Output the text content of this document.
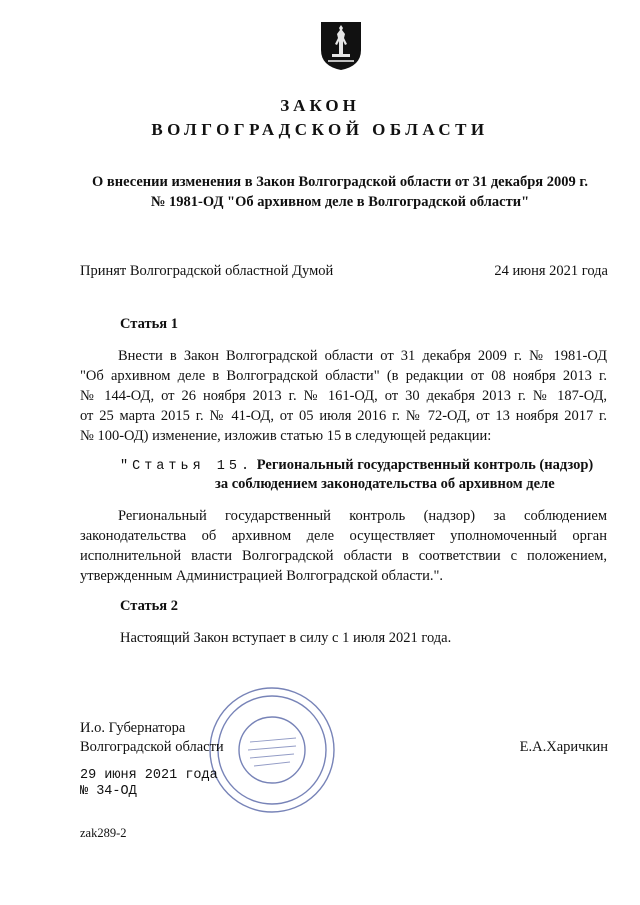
ЗАКОН
ВОЛГОГРАДСКОЙ ОБЛАСТИ
О внесении изменения в Закон Волгоградской области от 31 декабря 2009 г.
№ 1981-ОД "Об архивном деле в Волгоградской области"
Принят Волгоградской областной Думой	24 июня 2021 года
Статья 1
Внести в Закон Волгоградской области от 31 декабря 2009 г. № 1981-ОД
"Об архивном деле в Волгоградской области" (в редакции от 08 ноября 2013 г.
№ 144-ОД, от 26 ноября 2013 г. № 161-ОД, от 30 декабря 2013 г. № 187-ОД,
от 25 марта 2015 г. № 41-ОД, от 05 июля 2016 г. № 72-ОД, от 13 ноября 2017 г.
№ 100-ОД) изменение, изложив статью 15 в следующей редакции:
"Статья 15. Региональный государственный контроль (надзор)
за соблюдением законодательства об архивном деле
Региональный государственный контроль (надзор) за соблюдением
законодательства об архивном деле осуществляет уполномоченный орган
исполнительной власти Волгоградской области в соответствии с положением,
утвержденным Администрацией Волгоградской области.".
Статья 2
Настоящий Закон вступает в силу с 1 июля 2021 года.
И.о. Губернатора
Волгоградской области	Е.А.Харичкин
29 июня 2021 года
№ 34-ОД
zak289-2
